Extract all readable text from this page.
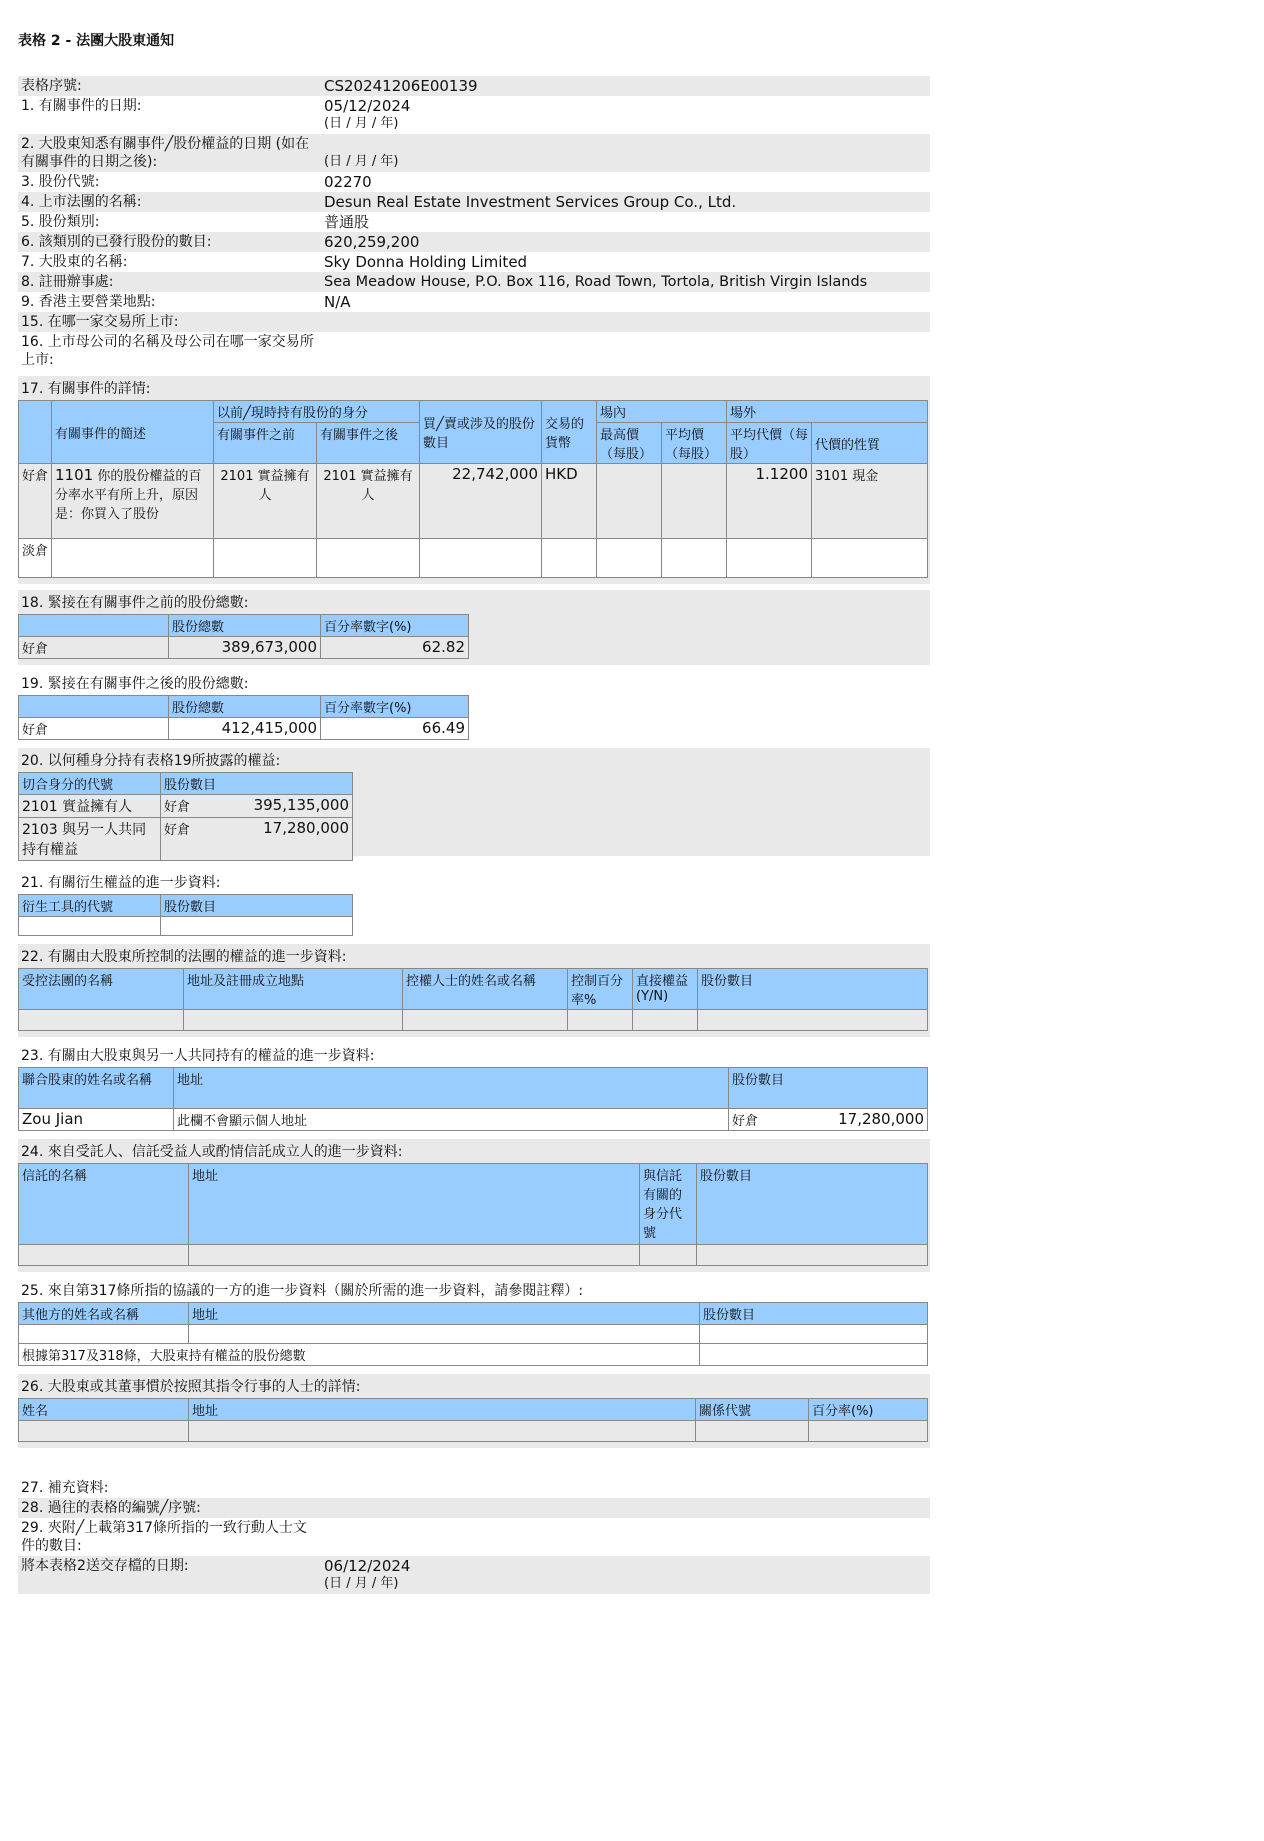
表格 2 - 法團大股東通知
表格序號:	CS20241206E00139
1. 有關事件的日期:	05/12/2024
(日 / 月 / 年)

2. 大股東知悉有關事件╱股份權益的日期 (如在有關事件的日期之後):	(日 / 月 / 年)

3. 股份代號:	02270
4. 上市法團的名稱:	Desun Real Estate Investment Services Group Co., Ltd.
5. 股份類別:	普通股
6. 該類別的已發行股份的數目:	620,259,200
7. 大股東的名稱:	Sky Donna Holding Limited
8. 註冊辦事處:	Sea Meadow House, P.O. Box 116, Road Town, Tortola, British Virgin Islands
9. 香港主要營業地點:	N/A
15. 在哪一家交易所上市:	
16. 上市母公司的名稱及母公司在哪一家交易所上市:	
17. 有關事件的詳情:
	有關事件的簡述	以前╱現時持有股份的身分		買╱賣或涉及的股份數目	交易的貨幣	場內		場外	
		有關事件之前	有關事件之後			最高價 （每股）	平均價 （每股）	平均代價（每股）	代價的性質
好倉	1101 你的股份權益的百分率水平有所上升，原因是：你買入了股份	2101 實益擁有人	2101 實益擁有人	22,742,000	HKD			1.1200	3101 現金
淡倉									
18. 緊接在有關事件之前的股份總數:
	股份總數	百分率數字(%)
好倉	389,673,000	62.82
19. 緊接在有關事件之後的股份總數:
	股份總數	百分率數字(%)
好倉	412,415,000	66.49
20. 以何種身分持有表格19所披露的權益:
切合身分的代號	股份數目
2101 實益擁有人	好倉 395,135,000

2103 與另一人共同持有權益	好倉 17,280,000
21. 有關衍生權益的進一步資料:
衍生工具的代號	股份數目

22. 有關由大股東所控制的法團的權益的進一步資料:
受控法團的名稱	地址及註冊成立地點	控權人士的姓名或名稱	控制百分率%	直接權益(Y/N)	股份數目

23. 有關由大股東與另一人共同持有的權益的進一步資料:
聯合股東的姓名或名稱	地址	股份數目
Zou Jian	此欄不會顯示個人地址	好倉 17,280,000
24. 來自受託人、信託受益人或酌情信託成立人的進一步資料:
信託的名稱	地址	與信託有關的身分代號	股份數目

25. 來自第317條所指的協議的一方的進一步資料（關於所需的進一步資料，請參閱註釋）:
其他方的姓名或名稱	地址	股份數目

根據第317及318條，大股東持有權益的股份總數		
26. 大股東或其董事慣於按照其指令行事的人士的詳情:
姓名	地址	關係代號	百分率(%)

27. 補充資料:	
28. 過往的表格的編號╱序號:	
29. 夾附╱上載第317條所指的一致行動人士文件的數目:	
將本表格2送交存檔的日期:	06/12/2024
(日 / 月 / 年)
